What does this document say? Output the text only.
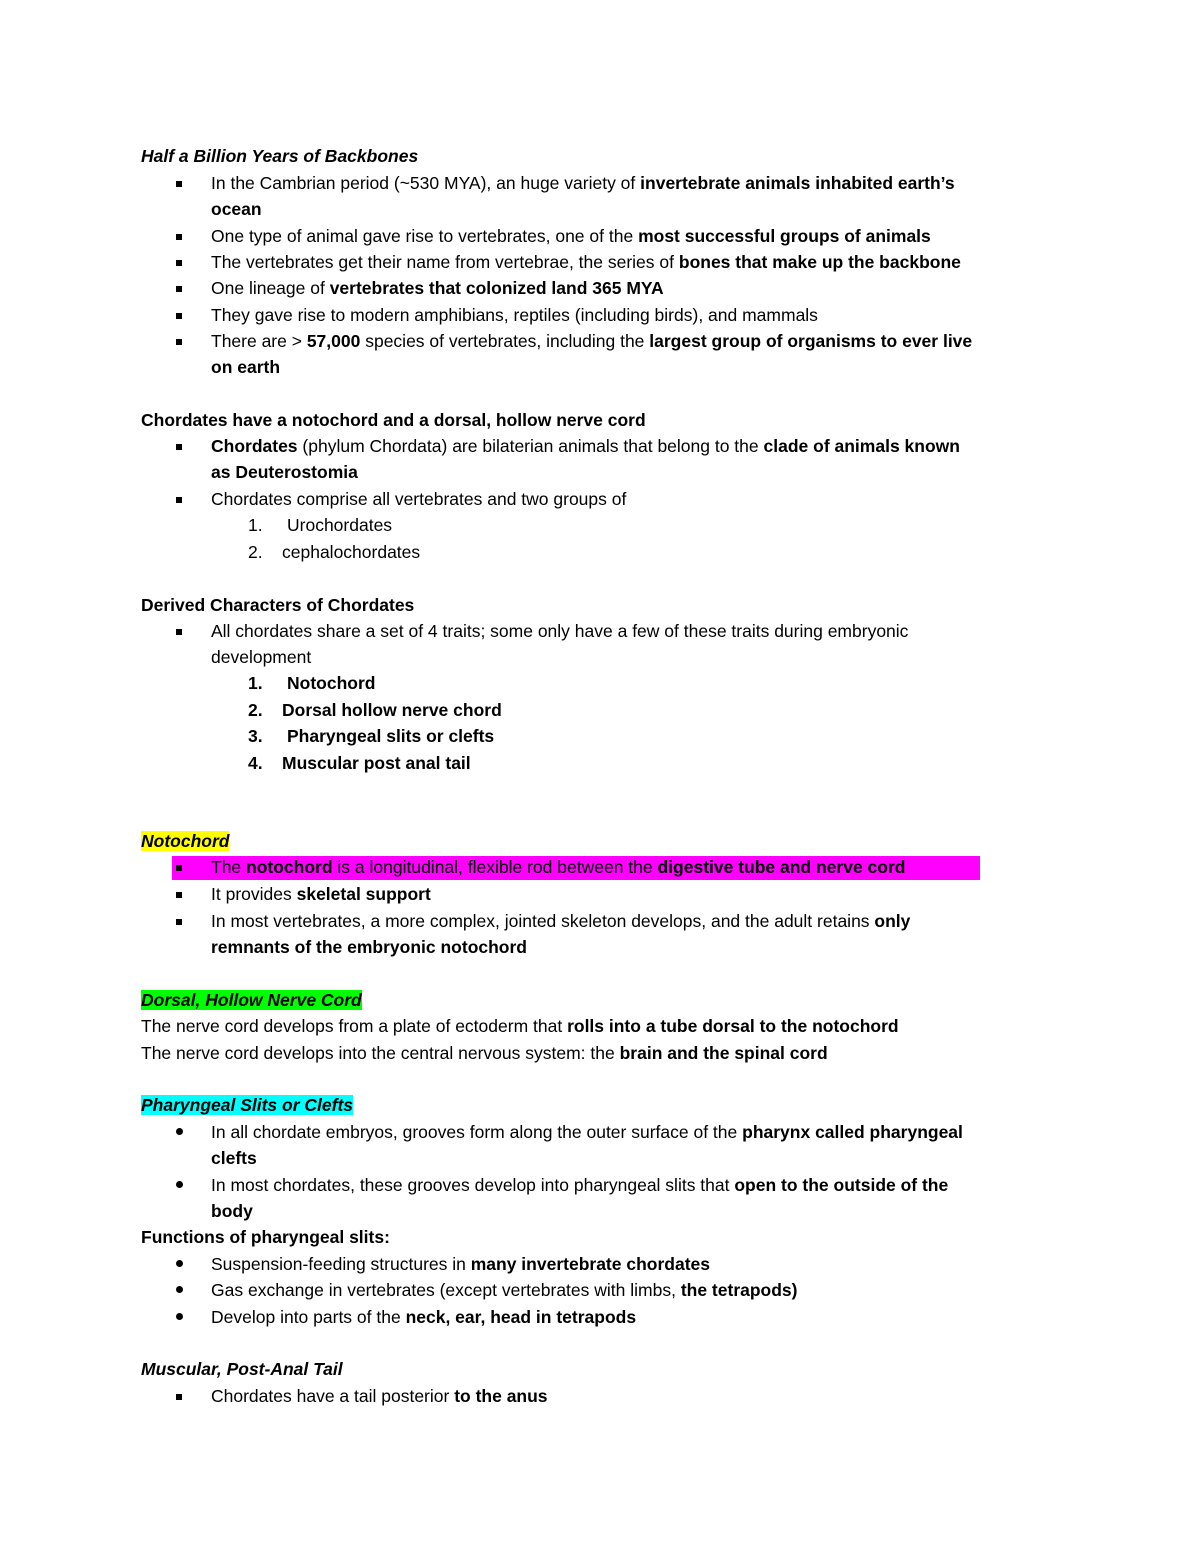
Half a Billion Years of Backbones
In the Cambrian period (~530 MYA), an huge variety of invertebrate animals inhabited earth’s
ocean
One type of animal gave rise to vertebrates, one of the most successful groups of animals
The vertebrates get their name from vertebrae, the series of bones that make up the backbone
One lineage of vertebrates that colonized land 365 MYA
They gave rise to modern amphibians, reptiles (including birds), and mammals
There are > 57,000 species of vertebrates, including the largest group of organisms to ever live
on earth
Chordates have a notochord and a dorsal, hollow nerve cord
Chordates (phylum Chordata) are bilaterian animals that belong to the clade of animals known
as Deuterostomia
Chordates comprise all vertebrates and two groups of
1. Urochordates
2. cephalochordates
Derived Characters of Chordates
All chordates share a set of 4 traits; some only have a few of these traits during embryonic
development
1. Notochord
2. Dorsal hollow nerve chord
3. Pharyngeal slits or clefts
4. Muscular post anal tail
Notochord
The notochord is a longitudinal, flexible rod between the digestive tube and nerve cord
It provides skeletal support
In most vertebrates, a more complex, jointed skeleton develops, and the adult retains only
remnants of the embryonic notochord
Dorsal, Hollow Nerve Cord
The nerve cord develops from a plate of ectoderm that rolls into a tube dorsal to the notochord
The nerve cord develops into the central nervous system: the brain and the spinal cord
Pharyngeal Slits or Clefts
In all chordate embryos, grooves form along the outer surface of the pharynx called pharyngeal
clefts
In most chordates, these grooves develop into pharyngeal slits that open to the outside of the
body
Functions of pharyngeal slits:
Suspension-feeding structures in many invertebrate chordates
Gas exchange in vertebrates (except vertebrates with limbs, the tetrapods)
Develop into parts of the neck, ear, head in tetrapods
Muscular, Post-Anal Tail
Chordates have a tail posterior to the anus
